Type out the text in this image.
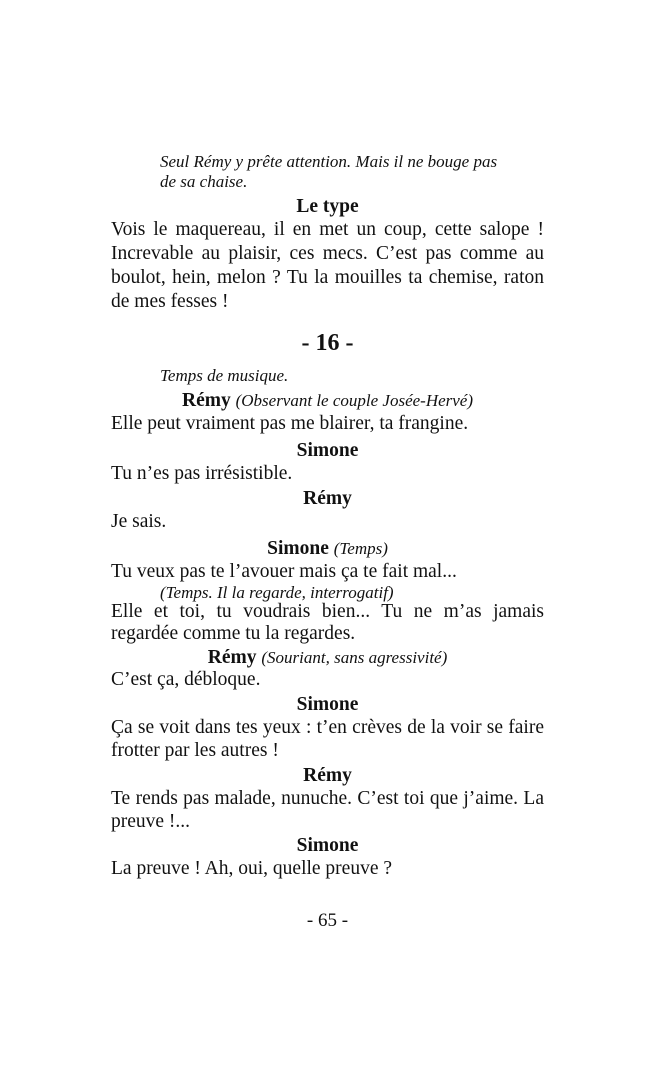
Seul Rémy y prête attention. Mais il ne bouge pas
de sa chaise.
Le type
Vois le maquereau, il en met un coup, cette salope !
Increvable au plaisir, ces mecs. C’est pas comme au
boulot, hein, melon ? Tu la mouilles ta chemise, raton
de mes fesses !
- 16 -
Temps de musique.
Rémy (Observant le couple Josée-Hervé)
Elle peut vraiment pas me blairer, ta frangine.
Simone
Tu n’es pas irrésistible.
Rémy
Je sais.
Simone (Temps)
Tu veux pas te l’avouer mais ça te fait mal...
(Temps. Il la regarde, interrogatif)
Elle et toi, tu voudrais bien... Tu ne m’as jamais
regardée comme tu la regardes.
Rémy (Souriant, sans agressivité)
C’est ça, débloque.
Simone
Ça se voit dans tes yeux : t’en crèves de la voir se faire
frotter par les autres !
Rémy
Te rends pas malade, nunuche. C’est toi que j’aime. La
preuve !...
Simone
La preuve ! Ah, oui, quelle preuve ?
- 65 -
